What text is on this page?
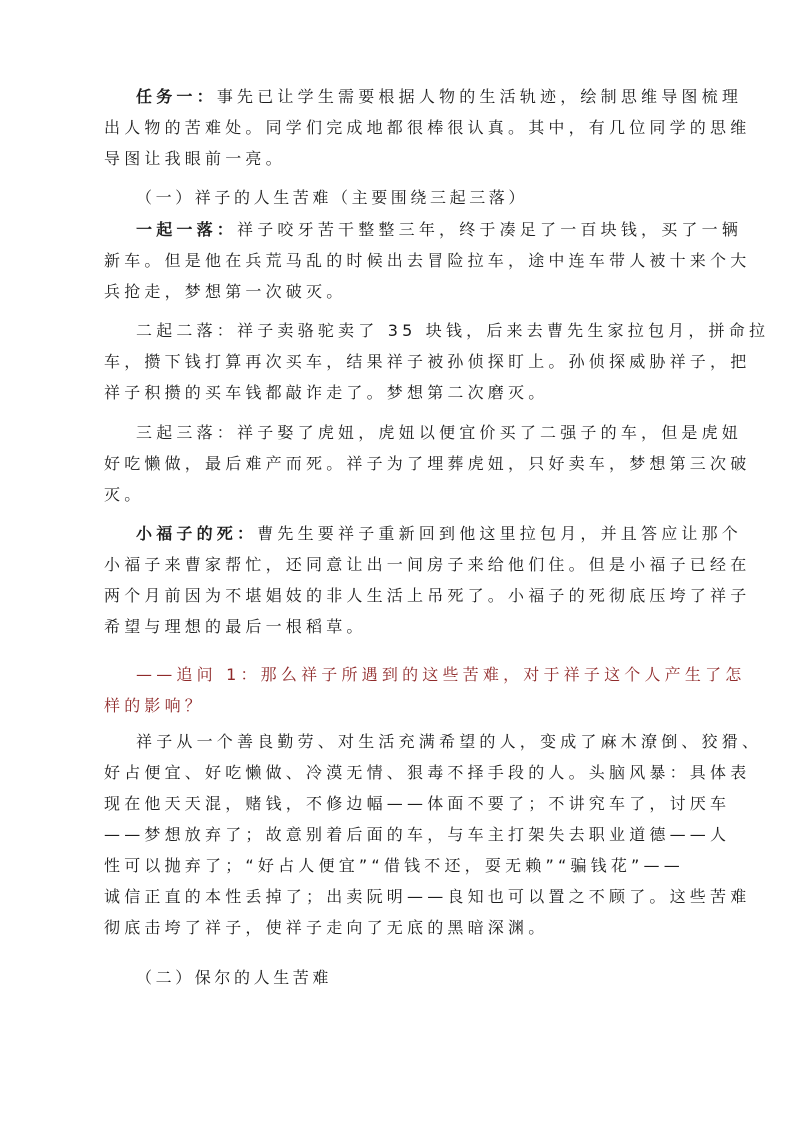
任务一：事先已让学生需要根据人物的生活轨迹，绘制思维导图梳理
出人物的苦难处。同学们完成地都很棒很认真。其中，有几位同学的思维
导图让我眼前一亮。
（一）祥子的人生苦难（主要围绕三起三落）
一起一落：祥子咬牙苦干整整三年，终于凑足了一百块钱，买了一辆
新车。但是他在兵荒马乱的时候出去冒险拉车，途中连车带人被十来个大
兵抢走，梦想第一次破灭。
二起二落：祥子卖骆驼卖了 35 块钱，后来去曹先生家拉包月，拼命拉
车，攒下钱打算再次买车，结果祥子被孙侦探盯上。孙侦探威胁祥子，把
祥子积攒的买车钱都敲诈走了。梦想第二次磨灭。
三起三落：祥子娶了虎妞，虎妞以便宜价买了二强子的车，但是虎妞
好吃懒做，最后难产而死。祥子为了埋葬虎妞，只好卖车，梦想第三次破
灭。
小福子的死：曹先生要祥子重新回到他这里拉包月，并且答应让那个
小福子来曹家帮忙，还同意让出一间房子来给他们住。但是小福子已经在
两个月前因为不堪娼妓的非人生活上吊死了。小福子的死彻底压垮了祥子
希望与理想的最后一根稻草。
——追问 1：那么祥子所遇到的这些苦难，对于祥子这个人产生了怎
样的影响？
祥子从一个善良勤劳、对生活充满希望的人，变成了麻木潦倒、狡猾、
好占便宜、好吃懒做、冷漠无情、狠毒不择手段的人。头脑风暴：具体表
现在他天天混，赌钱，不修边幅——体面不要了；不讲究车了，讨厌车
——梦想放弃了；故意别着后面的车，与车主打架失去职业道德——人
性可以抛弃了；“好占人便宜”“借钱不还，耍无赖”“骗钱花”——
诚信正直的本性丢掉了；出卖阮明——良知也可以置之不顾了。这些苦难
彻底击垮了祥子，使祥子走向了无底的黑暗深渊。
（二）保尔的人生苦难
